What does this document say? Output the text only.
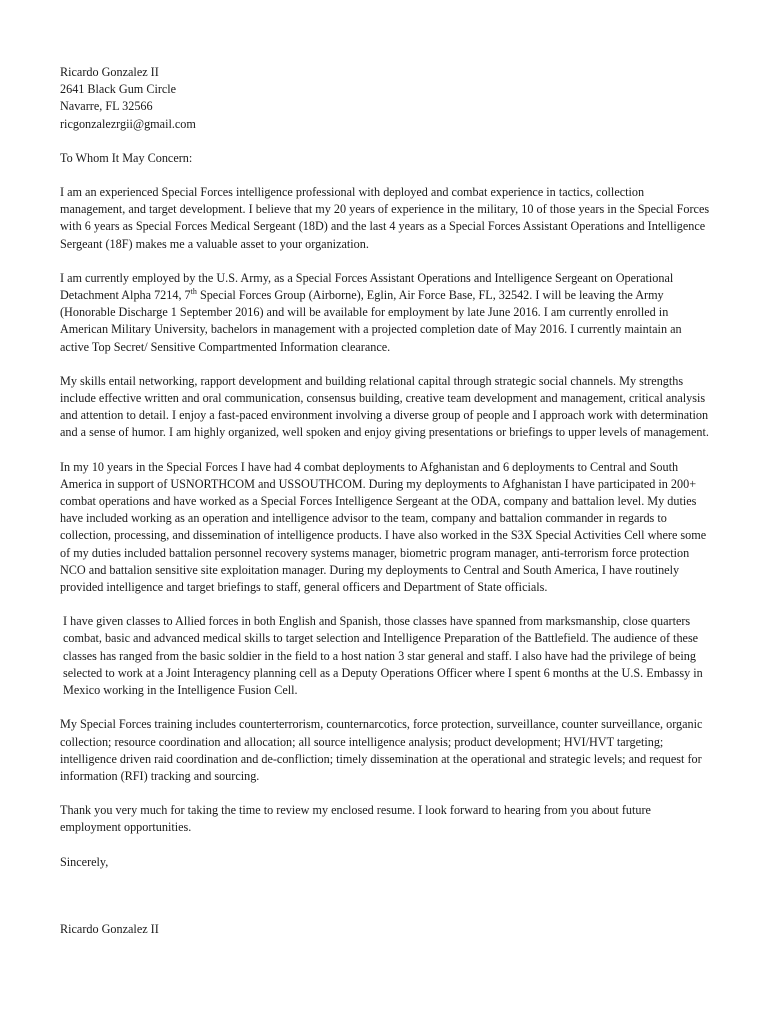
Ricardo Gonzalez II
2641 Black Gum Circle
Navarre, FL 32566
ricgonzalezrgii@gmail.com
To Whom It May Concern:

I am an experienced Special Forces intelligence professional with deployed and combat experience in tactics, collection management, and target development. I believe that my 20 years of experience in the military, 10 of those years in the Special Forces with 6 years as Special Forces Medical Sergeant (18D) and the last 4 years as a Special Forces Assistant Operations and Intelligence Sergeant (18F) makes me a valuable asset to your organization.

I am currently employed by the U.S. Army, as a Special Forces Assistant Operations and Intelligence Sergeant on Operational Detachment Alpha 7214, 7th Special Forces Group (Airborne), Eglin, Air Force Base, FL, 32542. I will be leaving the Army (Honorable Discharge 1 September 2016) and will be available for employment by late June 2016. I am currently enrolled in American Military University, bachelors in management with a projected completion date of May 2016. I currently maintain an active Top Secret/ Sensitive Compartmented Information clearance.

My skills entail networking, rapport development and building relational capital through strategic social channels. My strengths include effective written and oral communication, consensus building, creative team development and management, critical analysis and attention to detail. I enjoy a fast-paced environment involving a diverse group of people and I approach work with determination and a sense of humor. I am highly organized, well spoken and enjoy giving presentations or briefings to upper levels of management.

In my 10 years in the Special Forces I have had 4 combat deployments to Afghanistan and 6 deployments to Central and South America in support of USNORTHCOM and USSOUTHCOM. During my deployments to Afghanistan I have participated in 200+ combat operations and have worked as a Special Forces Intelligence Sergeant at the ODA, company and battalion level. My duties have included working as an operation and intelligence advisor to the team, company and battalion commander in regards to collection, processing, and dissemination of intelligence products. I have also worked in the S3X Special Activities Cell where some of my duties included battalion personnel recovery systems manager, biometric program manager, anti-terrorism force protection NCO and battalion sensitive site exploitation manager. During my deployments to Central and South America, I have routinely provided intelligence and target briefings to staff, general officers and Department of State officials.

I have given classes to Allied forces in both English and Spanish, those classes have spanned from marksmanship, close quarters combat, basic and advanced medical skills to target selection and Intelligence Preparation of the Battlefield. The audience of these classes has ranged from the basic soldier in the field to a host nation 3 star general and staff. I also have had the privilege of being selected to work at a Joint Interagency planning cell as a Deputy Operations Officer where I spent 6 months at the U.S. Embassy in Mexico working in the Intelligence Fusion Cell.

My Special Forces training includes counterterrorism, counternarcotics, force protection, surveillance, counter surveillance, organic collection; resource coordination and allocation; all source intelligence analysis; product development; HVI/HVT targeting; intelligence driven raid coordination and de-confliction; timely dissemination at the operational and strategic levels; and request for information (RFI) tracking and sourcing.

Thank you very much for taking the time to review my enclosed resume. I look forward to hearing from you about future employment opportunities.

Sincerely,
Ricardo Gonzalez II
